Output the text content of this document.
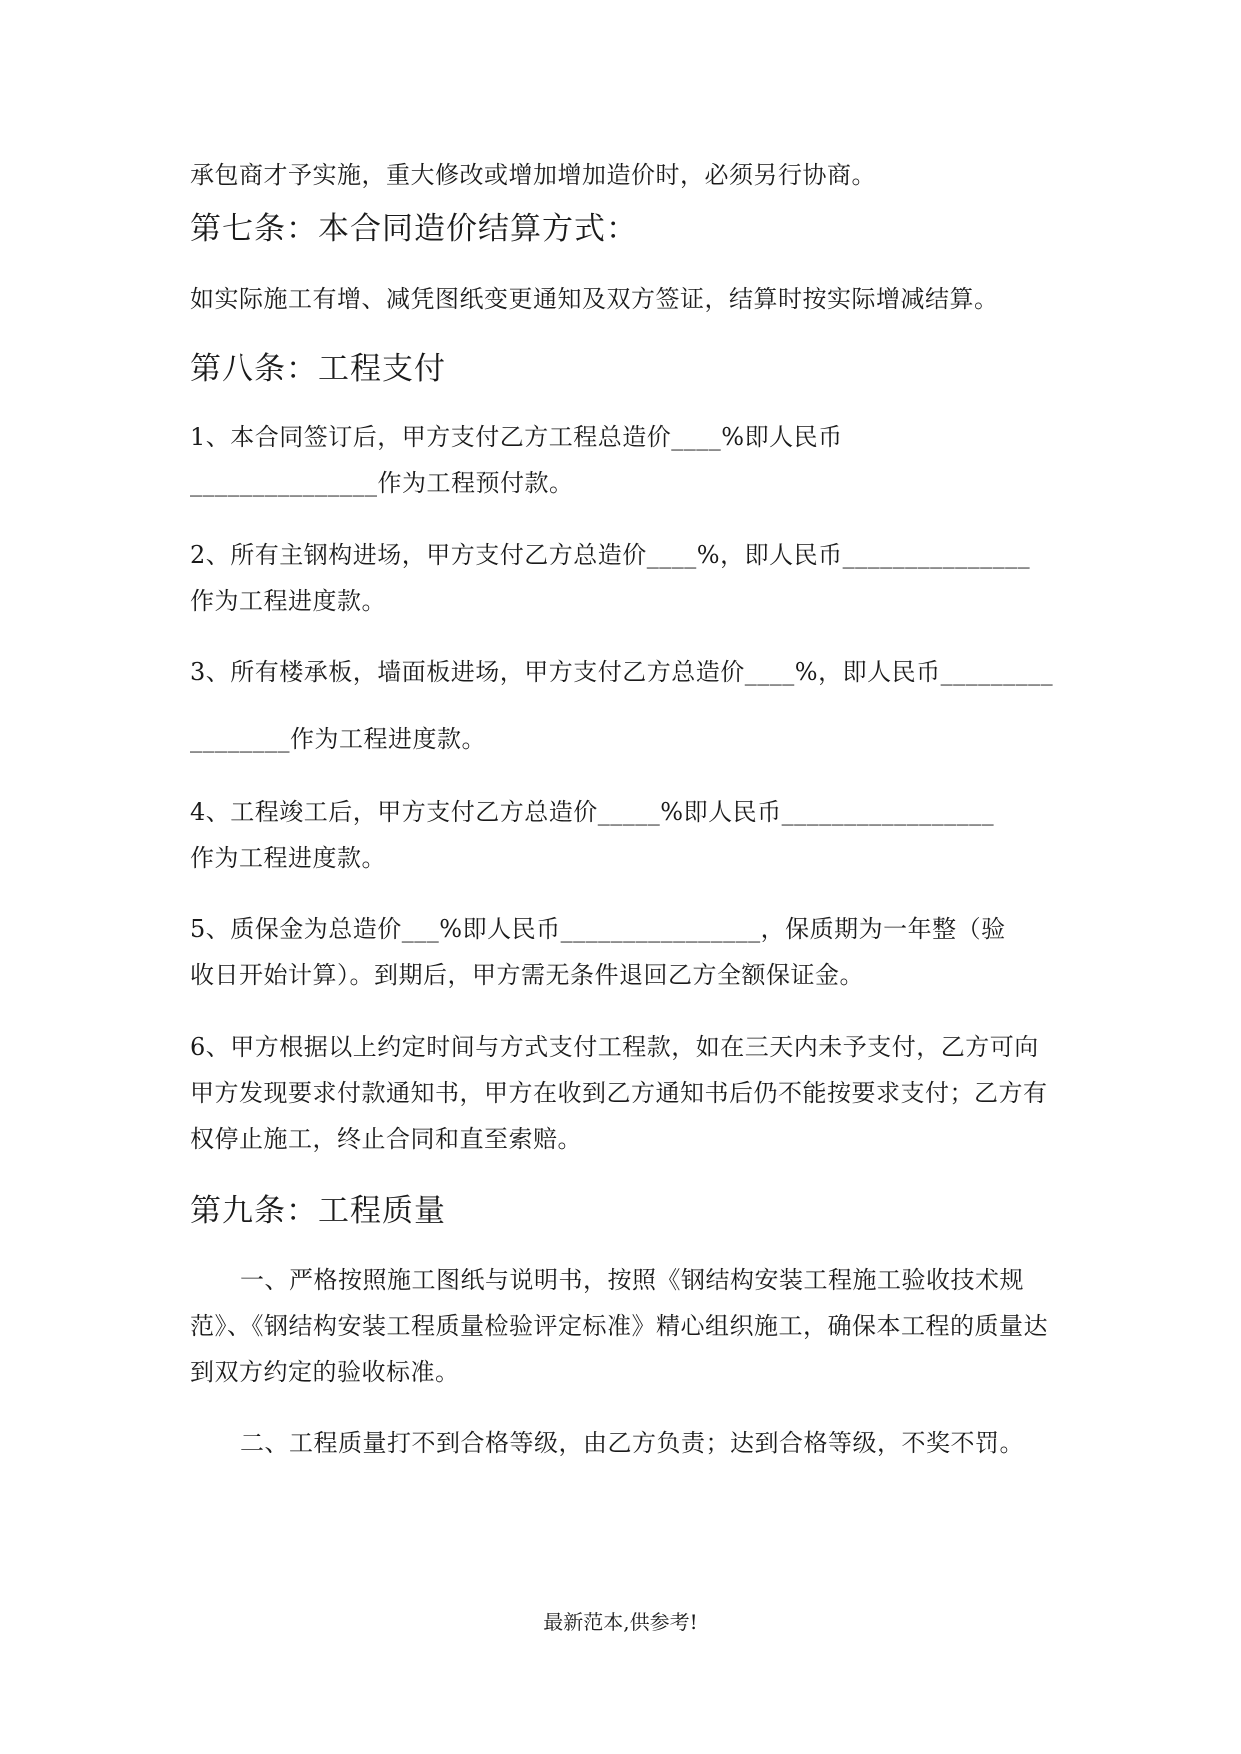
承包商才予实施，重大修改或增加增加造价时，必须另行协商。
第七条：本合同造价结算方式：
如实际施工有增、减凭图纸变更通知及双方签证，结算时按实际增减结算。
第八条：工程支付
1、本合同签订后，甲方支付乙方工程总造价____%即人民币
_______________作为工程预付款。
2、所有主钢构进场，甲方支付乙方总造价____%，即人民币_______________
作为工程进度款。
3、所有楼承板，墙面板进场，甲方支付乙方总造价____%，即人民币_________
________作为工程进度款。
4、工程竣工后，甲方支付乙方总造价_____%即人民币_________________
作为工程进度款。
5、质保金为总造价___%即人民币________________，保质期为一年整（验
收日开始计算）。到期后，甲方需无条件退回乙方全额保证金。
6、甲方根据以上约定时间与方式支付工程款，如在三天内未予支付，乙方可向
甲方发现要求付款通知书，甲方在收到乙方通知书后仍不能按要求支付；乙方有
权停止施工，终止合同和直至索赔。
第九条：工程质量
一、严格按照施工图纸与说明书，按照《钢结构安装工程施工验收技术规
范》、《钢结构安装工程质量检验评定标准》精心组织施工，确保本工程的质量达
到双方约定的验收标准。
二、工程质量打不到合格等级，由乙方负责；达到合格等级，不奖不罚。
最新范本,供参考!
